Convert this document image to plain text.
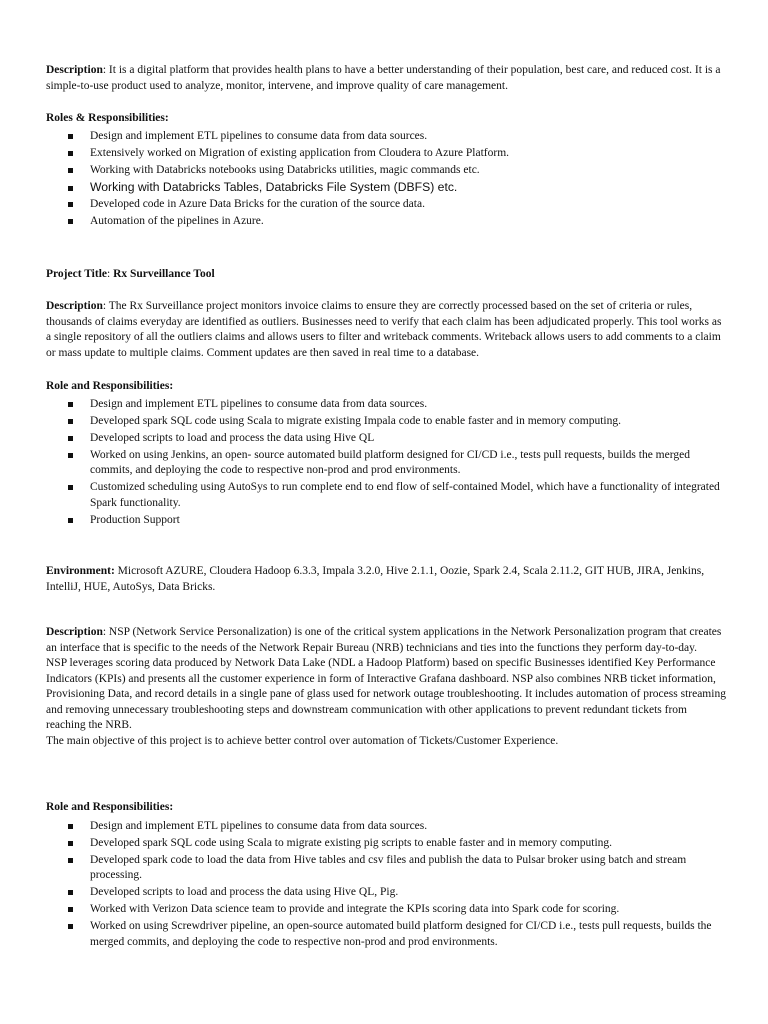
Description: It is a digital platform that provides health plans to have a better understanding of their population, best care, and reduced cost. It is a simple-to-use product used to analyze, monitor, intervene, and improve quality of care management.

Roles & Responsibilities:

Design and implement ETL pipelines to consume data from data sources.
Extensively worked on Migration of existing application from Cloudera to Azure Platform.
Working with Databricks notebooks using Databricks utilities, magic commands etc.
Working with Databricks Tables, Databricks File System (DBFS) etc.
Developed code in Azure Data Bricks for the curation of the source data.
Automation of the pipelines in Azure.

Project Title: Rx Surveillance Tool

Description: The Rx Surveillance project monitors invoice claims to ensure they are correctly processed based on the set of criteria or rules, thousands of claims everyday are identified as outliers. Businesses need to verify that each claim has been adjudicated properly. This tool works as a single repository of all the outliers claims and allows users to filter and writeback comments. Writeback allows users to add comments to a claim or mass update to multiple claims. Comment updates are then saved in real time to a database.

Role and Responsibilities:

Design and implement ETL pipelines to consume data from data sources.
Developed spark SQL code using Scala to migrate existing Impala code to enable faster and in memory computing.
Developed scripts to load and process the data using Hive QL
Worked on using Jenkins, an open- source automated build platform designed for CI/CD i.e., tests pull requests, builds the merged commits, and deploying the code to respective non-prod and prod environments.
Customized scheduling using AutoSys to run complete end to end flow of self-contained Model, which have a functionality of integrated Spark functionality.
Production Support

Environment: Microsoft AZURE, Cloudera Hadoop 6.3.3, Impala 3.2.0, Hive 2.1.1, Oozie, Spark 2.4, Scala 2.11.2, GIT HUB, JIRA, Jenkins, IntelliJ, HUE, AutoSys, Data Bricks.

Description: NSP (Network Service Personalization) is one of the critical system applications in the Network Personalization program that creates an interface that is specific to the needs of the Network Repair Bureau (NRB) technicians and ties into the functions they perform day-to-day.

NSP leverages scoring data produced by Network Data Lake (NDL a Hadoop Platform) based on specific Businesses identified Key Performance Indicators (KPIs) and presents all the customer experience in form of Interactive Grafana dashboard. NSP also combines NRB ticket information, Provisioning Data, and record details in a single pane of glass used for network outage troubleshooting. It includes automation of process streaming and removing unnecessary troubleshooting steps and downstream communication with other applications to prevent redundant tickets from reaching the NRB.

The main objective of this project is to achieve better control over automation of Tickets/Customer Experience.

Role and Responsibilities:

Design and implement ETL pipelines to consume data from data sources.
Developed spark SQL code using Scala to migrate existing pig scripts to enable faster and in memory computing.
Developed spark code to load the data from Hive tables and csv files and publish the data to Pulsar broker using batch and stream processing.
Developed scripts to load and process the data using Hive QL, Pig.
Worked with Verizon Data science team to provide and integrate the KPIs scoring data into Spark code for scoring.
Worked on using Screwdriver pipeline, an open-source automated build platform designed for CI/CD i.e., tests pull requests, builds the merged commits, and deploying the code to respective non-prod and prod environments.
